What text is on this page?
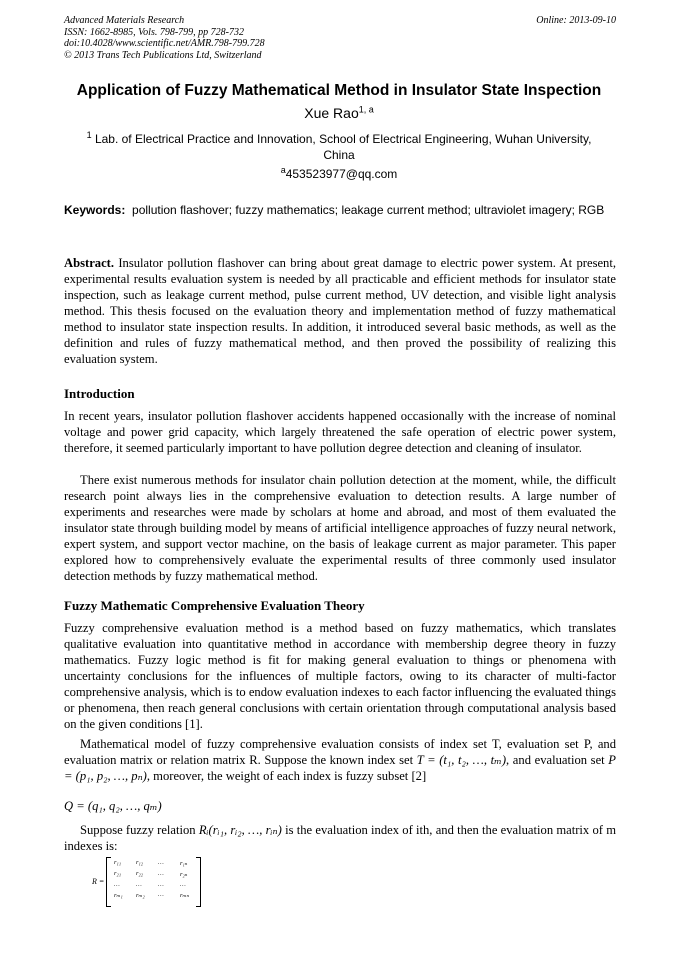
Advanced Materials Research
ISSN: 1662-8985, Vols. 798-799, pp 728-732
doi:10.4028/www.scientific.net/AMR.798-799.728
© 2013 Trans Tech Publications Ltd, Switzerland
Online: 2013-09-10
Application of Fuzzy Mathematical Method in Insulator State Inspection
Xue Rao$^{1, a}$
$^1$ Lab. of Electrical Practice and Innovation, School of Electrical Engineering, Wuhan University,
China
$^a$453523977@qq.com
Keywords: pollution flashover; fuzzy mathematics; leakage current method; ultraviolet imagery; RGB
Abstract. Insulator pollution flashover can bring about great damage to electric power system. At present, experimental results evaluation system is needed by all practicable and efficient methods for insulator state inspection, such as leakage current method, pulse current method, UV detection, and visible light analysis method. This thesis focused on the evaluation theory and implementation method of fuzzy mathematical method to insulator state inspection results. In addition, it introduced several basic methods, as well as the definition and rules of fuzzy mathematical method, and then proved the possibility of realizing this evaluation system.
Introduction
In recent years, insulator pollution flashover accidents happened occasionally with the increase of nominal voltage and power grid capacity, which largely threatened the safe operation of electric power system, therefore, it seemed particularly important to have pollution degree detection and cleaning of insulator.
There exist numerous methods for insulator chain pollution detection at the moment, while, the difficult research point always lies in the comprehensive evaluation to detection results. A large number of experiments and researches were made by scholars at home and abroad, and most of them evaluated the insulator state through building model by means of artificial intelligence approaches of fuzzy neural network, expert system, and support vector machine, on the basis of leakage current as major parameter. This paper explored how to comprehensively evaluate the experimental results of three commonly used insulator detection methods by fuzzy mathematical method.
Fuzzy Mathematic Comprehensive Evaluation Theory
Fuzzy comprehensive evaluation method is a method based on fuzzy mathematics, which translates qualitative evaluation into quantitative method in accordance with membership degree theory in fuzzy mathematics. Fuzzy logic method is fit for making general evaluation to things or phenomena with uncertainty conclusions for the influences of multiple factors, owing to its character of multi-factor comprehensive analysis, which is to endow evaluation indexes to each factor influencing the evaluated things or phenomena, then reach general conclusions with certain orientation through computational analysis based on the given conditions [1].
Mathematical model of fuzzy comprehensive evaluation consists of index set T, evaluation set P, and evaluation matrix or relation matrix R. Suppose the known index set T = (t₁, t₂, …, tₘ), and evaluation set P = (p₁, p₂, …, pₙ), moreover, the weight of each index is fuzzy subset [2]
Q = (q₁, q₂, …, qₘ)
Suppose fuzzy relation Rᵢ(rᵢ₁, rᵢ₂, …, rᵢₙ) is the evaluation index of ith, and then the evaluation matrix of m indexes is:
R =
r₁₁	r₁₂	…	r₁ₙ
r₂₁	r₂₂	…	r₂ₙ
…	…	…	…
rₘ₁	rₘ₂	…	rₘₙ
